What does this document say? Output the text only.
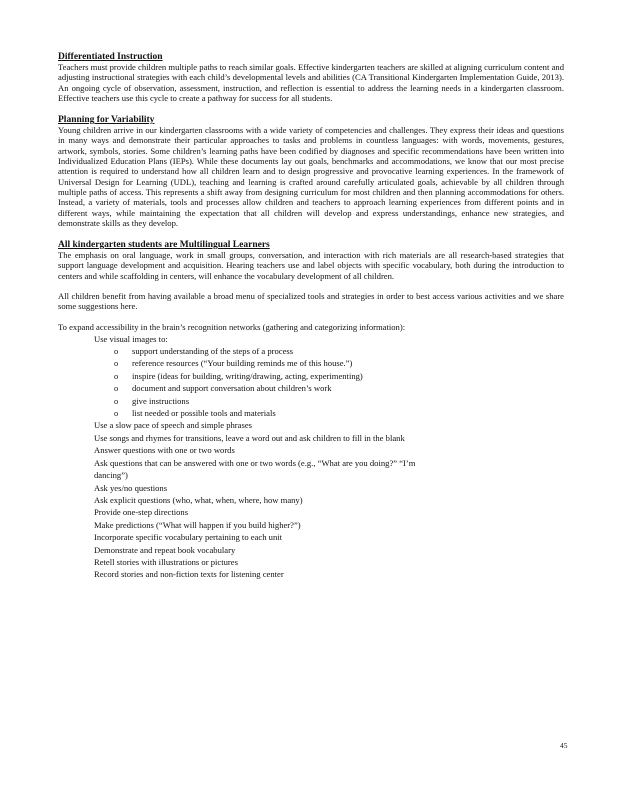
Differentiated Instruction

Teachers must provide children multiple paths to reach similar goals. Effective kindergarten teachers are skilled at aligning curriculum content and adjusting instructional strategies with each child’s developmental levels and abilities (CA Transitional Kindergarten Implementation Guide, 2013). An ongoing cycle of observation, assessment, instruction, and reflection is essential to address the learning needs in a kindergarten classroom. Effective teachers use this cycle to create a pathway for success for all students.

Planning for Variability

Young children arrive in our kindergarten classrooms with a wide variety of competencies and challenges. They express their ideas and questions in many ways and demonstrate their particular approaches to tasks and problems in countless languages: with words, movements, gestures, artwork, symbols, stories. Some children’s learning paths have been codified by diagnoses and specific recommendations have been written into Individualized Education Plans (IEPs). While these documents lay out goals, benchmarks and accommodations, we know that our most precise attention is required to understand how all children learn and to design progressive and provocative learning experiences. In the framework of Universal Design for Learning (UDL), teaching and learning is crafted around carefully articulated goals, achievable by all children through multiple paths of access. This represents a shift away from designing curriculum for most children and then planning accommodations for others. Instead, a variety of materials, tools and processes allow children and teachers to approach learning experiences from different points and in different ways, while maintaining the expectation that all children will develop and express understandings, enhance new strategies, and demonstrate skills as they develop.

All kindergarten students are Multilingual Learners

The emphasis on oral language, work in small groups, conversation, and interaction with rich materials are all research-based strategies that support language development and acquisition. Hearing teachers use and label objects with specific vocabulary, both during the introduction to centers and while scaffolding in centers, will enhance the vocabulary development of all children.

All children benefit from having available a broad menu of specialized tools and strategies in order to best access various activities and we share some suggestions here.

To expand accessibility in the brain’s recognition networks (gathering and categorizing information):

Use visual images to:
o support understanding of the steps of a process
o reference resources (“Your building reminds me of this house.”)
o inspire (ideas for building, writing/drawing, acting, experimenting)
o document and support conversation about children’s work
o give instructions
o list needed or possible tools and materials
Use a slow pace of speech and simple phrases
Use songs and rhymes for transitions, leave a word out and ask children to fill in the blank
Answer questions with one or two words
Ask questions that can be answered with one or two words (e.g., “What are you doing?” “I’m
dancing”)
Ask yes/no questions
Ask explicit questions (who, what, when, where, how many)
Provide one-step directions
Make predictions (“What will happen if you build higher?”)
Incorporate specific vocabulary pertaining to each unit
Demonstrate and repeat book vocabulary
Retell stories with illustrations or pictures
Record stories and non-fiction texts for listening center
45
